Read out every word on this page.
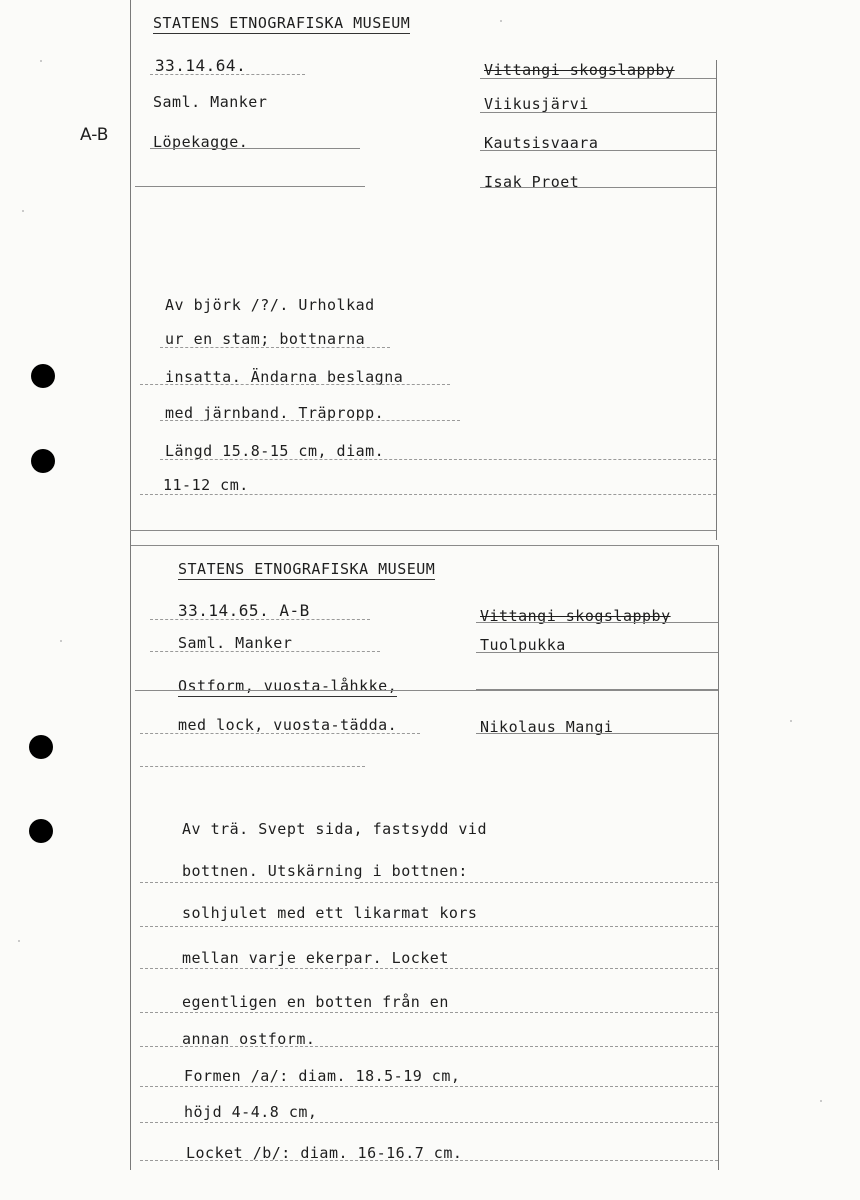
A-B
STATENS ETNOGRAFISKA MUSEUM
33.14.64.
Saml. Manker
Löpekagge.
Vittangi skogslappby
Viikusjärvi
Kautsisvaara
Isak Proet
Av björk /?/. Urholkad
ur en stam; bottnarna
insatta. Ändarna beslagna
med järnband. Träpropp.
Längd 15.8-15 cm, diam.
11-12 cm.
STATENS ETNOGRAFISKA MUSEUM
33.14.65. A-B
Saml. Manker
Ostform, vuosta-låhkke,
med lock, vuosta-tädda.
Vittangi skogslappby
Tuolpukka
Nikolaus Mangi
Av trä. Svept sida, fastsydd vid
bottnen. Utskärning i bottnen:
solhjulet med ett likarmat kors
mellan varje ekerpar. Locket
egentligen en botten från en
annan ostform.
Formen /a/: diam. 18.5-19 cm,
höjd 4-4.8 cm,
Locket /b/: diam. 16-16.7 cm.
